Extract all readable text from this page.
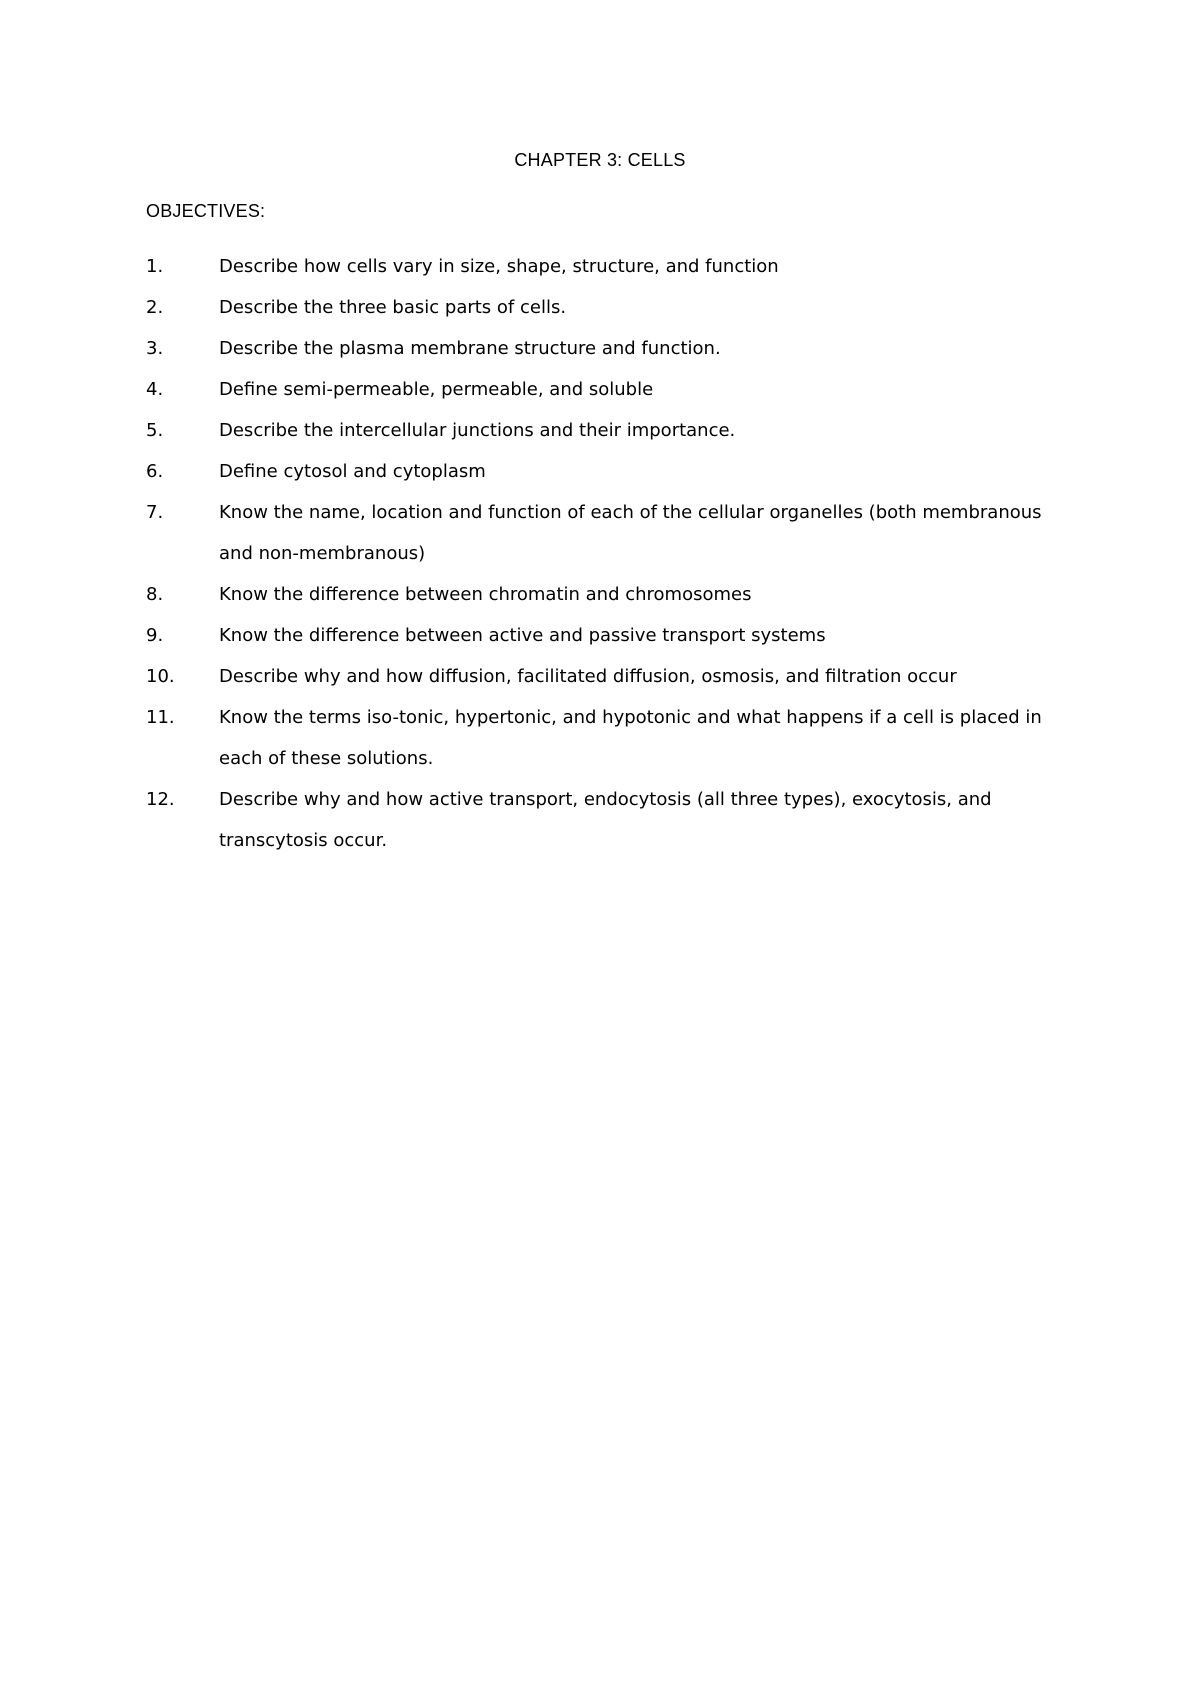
CHAPTER 3: CELLS
OBJECTIVES:
1.	Describe how cells vary in size, shape, structure, and function
2.	Describe the three basic parts of cells.
3.	Describe the plasma membrane structure and function.
4.	Define semi-permeable, permeable, and soluble
5.	Describe the intercellular junctions and their importance.
6.	Define cytosol and cytoplasm
7.	Know the name, location and function of each of the cellular organelles (both membranous and non-membranous)
8.	Know the difference between chromatin and chromosomes
9.	Know the difference between active and passive transport systems
10.	Describe why and how diffusion, facilitated diffusion, osmosis, and filtration occur
11.	Know the terms iso-tonic, hypertonic, and hypotonic and what happens if a cell is placed in each of these solutions.
12.	Describe why and how active transport, endocytosis (all three types), exocytosis, and transcytosis occur.
